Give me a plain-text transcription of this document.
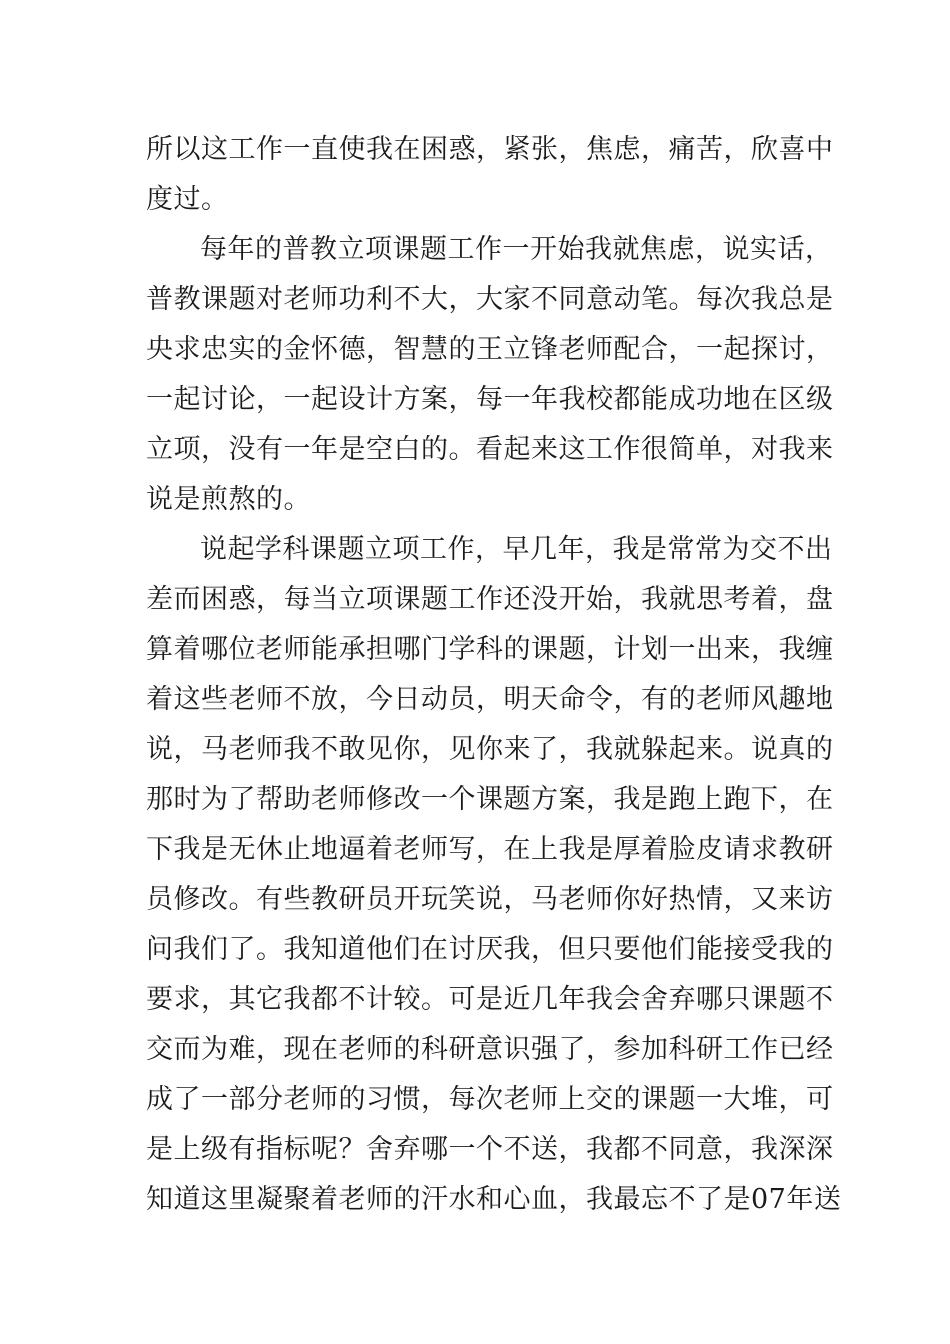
所以这工作一直使我在困惑，紧张，焦虑，痛苦，欣喜中
度过。
每年的普教立项课题工作一开始我就焦虑，说实话，
普教课题对老师功利不大，大家不同意动笔。每次我总是
央求忠实的金怀德，智慧的王立锋老师配合，一起探讨，
一起讨论，一起设计方案，每一年我校都能成功地在区级
立项，没有一年是空白的。看起来这工作很简单，对我来
说是煎熬的。
说起学科课题立项工作，早几年，我是常常为交不出
差而困惑，每当立项课题工作还没开始，我就思考着，盘
算着哪位老师能承担哪门学科的课题，计划一出来，我缠
着这些老师不放，今日动员，明天命令，有的老师风趣地
说，马老师我不敢见你，见你来了，我就躲起来。说真的
那时为了帮助老师修改一个课题方案，我是跑上跑下，在
下我是无休止地逼着老师写，在上我是厚着脸皮请求教研
员修改。有些教研员开玩笑说，马老师你好热情，又来访
问我们了。我知道他们在讨厌我，但只要他们能接受我的
要求，其它我都不计较。可是近几年我会舍弃哪只课题不
交而为难，现在老师的科研意识强了，参加科研工作已经
成了一部分老师的习惯，每次老师上交的课题一大堆，可
是上级有指标呢？舍弃哪一个不送，我都不同意，我深深
知道这里凝聚着老师的汗水和心血，我最忘不了是07年送
